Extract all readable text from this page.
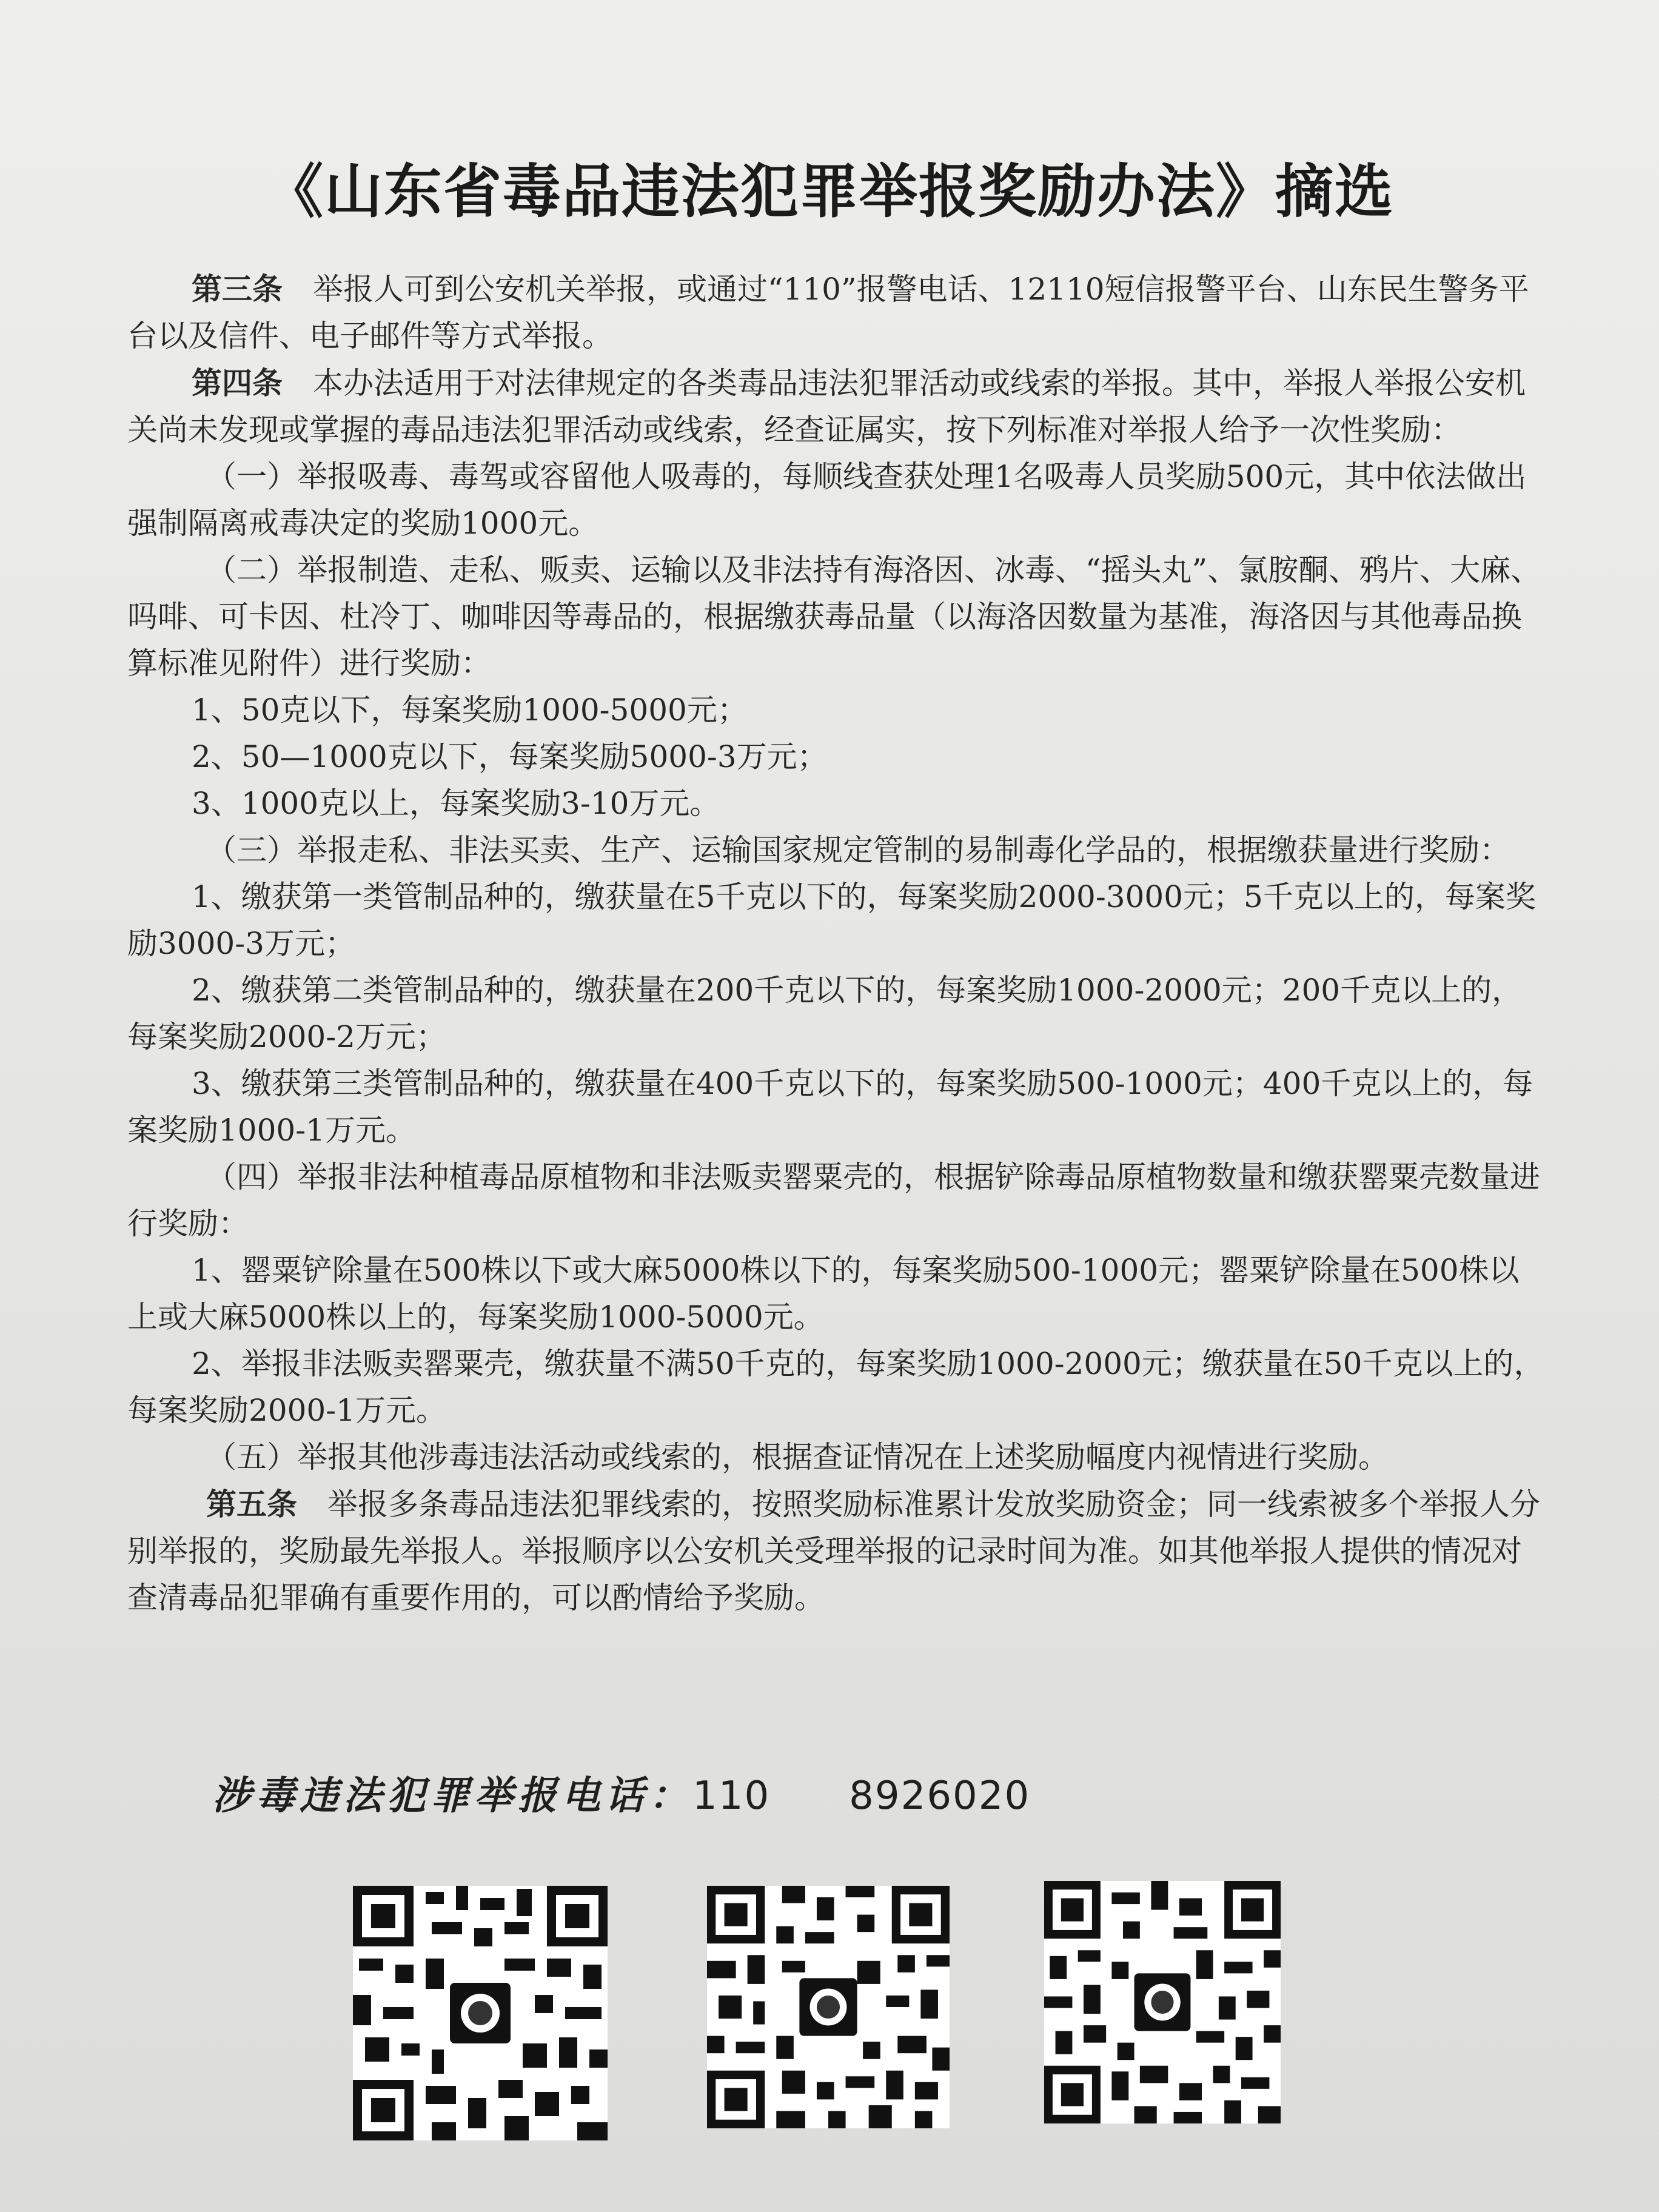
《山东省毒品违法犯罪举报奖励办法》摘选

第三条　举报人可到公安机关举报，或通过“110”报警电话、12110短信报警平台、山东民生警务平台以及信件、电子邮件等方式举报。

第四条　本办法适用于对法律规定的各类毒品违法犯罪活动或线索的举报。其中，举报人举报公安机关尚未发现或掌握的毒品违法犯罪活动或线索，经查证属实，按下列标准对举报人给予一次性奖励：

（一）举报吸毒、毒驾或容留他人吸毒的，每顺线查获处理1名吸毒人员奖励500元，其中依法做出强制隔离戒毒决定的奖励1000元。

（二）举报制造、走私、贩卖、运输以及非法持有海洛因、冰毒、“摇头丸”、氯胺酮、鸦片、大麻、吗啡、可卡因、杜冷丁、咖啡因等毒品的，根据缴获毒品量（以海洛因数量为基准，海洛因与其他毒品换算标准见附件）进行奖励：

1、50克以下，每案奖励1000-5000元；

2、50—1000克以下，每案奖励5000-3万元；

3、1000克以上，每案奖励3-10万元。

（三）举报走私、非法买卖、生产、运输国家规定管制的易制毒化学品的，根据缴获量进行奖励：

1、缴获第一类管制品种的，缴获量在5千克以下的，每案奖励2000-3000元；5千克以上的，每案奖励3000-3万元；

2、缴获第二类管制品种的，缴获量在200千克以下的，每案奖励1000-2000元；200千克以上的，每案奖励2000-2万元；

3、缴获第三类管制品种的，缴获量在400千克以下的，每案奖励500-1000元；400千克以上的，每案奖励1000-1万元。

（四）举报非法种植毒品原植物和非法贩卖罂粟壳的，根据铲除毒品原植物数量和缴获罂粟壳数量进行奖励：

1、罂粟铲除量在500株以下或大麻5000株以下的，每案奖励500-1000元；罂粟铲除量在500株以上或大麻5000株以上的，每案奖励1000-5000元。

2、举报非法贩卖罂粟壳，缴获量不满50千克的，每案奖励1000-2000元；缴获量在50千克以上的，每案奖励2000-1万元。

（五）举报其他涉毒违法活动或线索的，根据查证情况在上述奖励幅度内视情进行奖励。

第五条　举报多条毒品违法犯罪线索的，按照奖励标准累计发放奖励资金；同一线索被多个举报人分别举报的，奖励最先举报人。举报顺序以公安机关受理举报的记录时间为准。如其他举报人提供的情况对查清毒品犯罪确有重要作用的，可以酌情给予奖励。

涉毒违法犯罪举报电话：110 8926020
